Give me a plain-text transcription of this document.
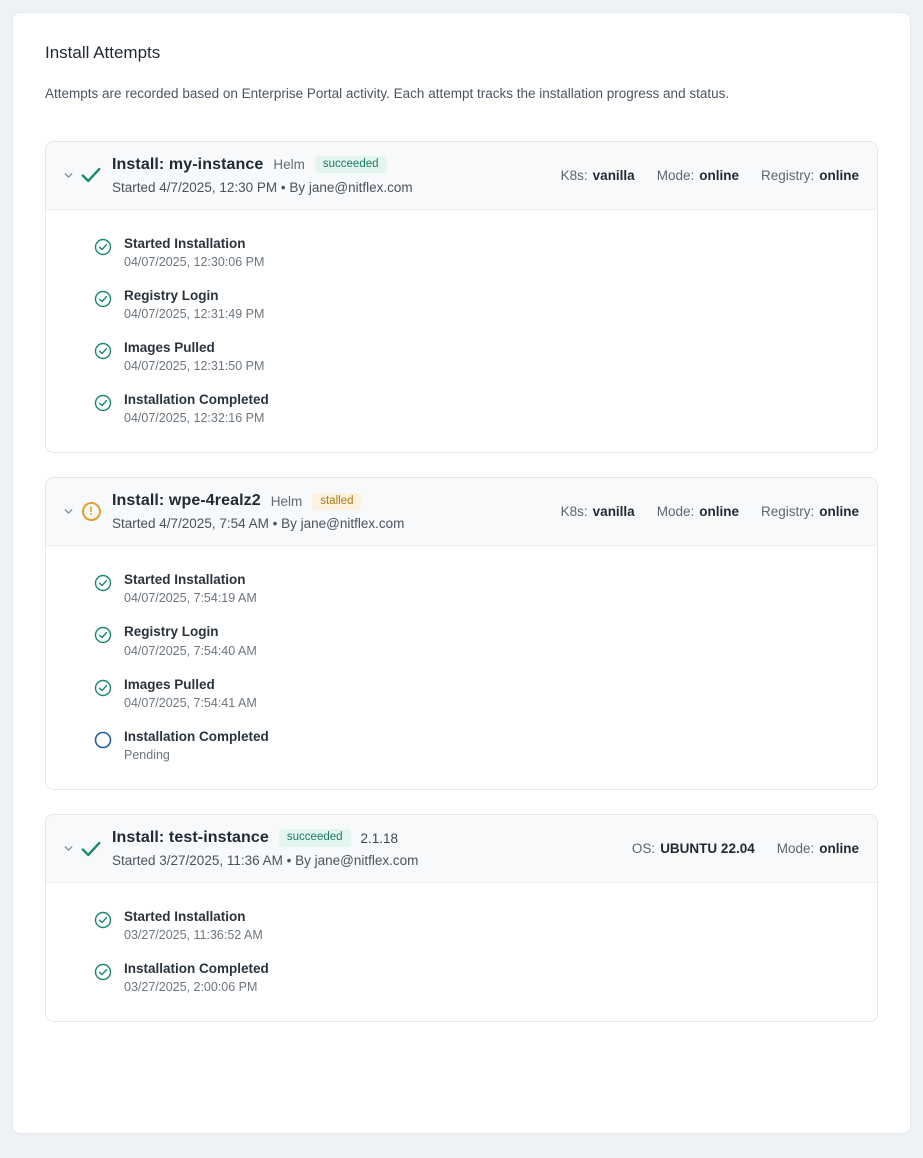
Install Attempts
Attempts are recorded based on Enterprise Portal activity. Each attempt tracks the installation progress and status.
Install: my-instance Helm	succeeded
Started 4/7/2025, 12:30 PM • By jane@nitflex.com
K8s: vanilla Mode: online Registry: online
Started Installation
04/07/2025, 12:30:06 PM
Registry Login
04/07/2025, 12:31:49 PM
Images Pulled
04/07/2025, 12:31:50 PM
Installation Completed
04/07/2025, 12:32:16 PM
!
Install: wpe-4realz2 Helm	stalled
Started 4/7/2025, 7:54 AM • By jane@nitflex.com
K8s: vanilla Mode: online Registry: online
Started Installation
04/07/2025, 7:54:19 AM
Registry Login
04/07/2025, 7:54:40 AM
Images Pulled
04/07/2025, 7:54:41 AM
Installation Completed
Pending
Install: test-instance	succeeded	2.1.18
Started 3/27/2025, 11:36 AM • By jane@nitflex.com
OS: UBUNTU 22.04 Mode: online
Started Installation
03/27/2025, 11:36:52 AM
Installation Completed
03/27/2025, 2:00:06 PM
